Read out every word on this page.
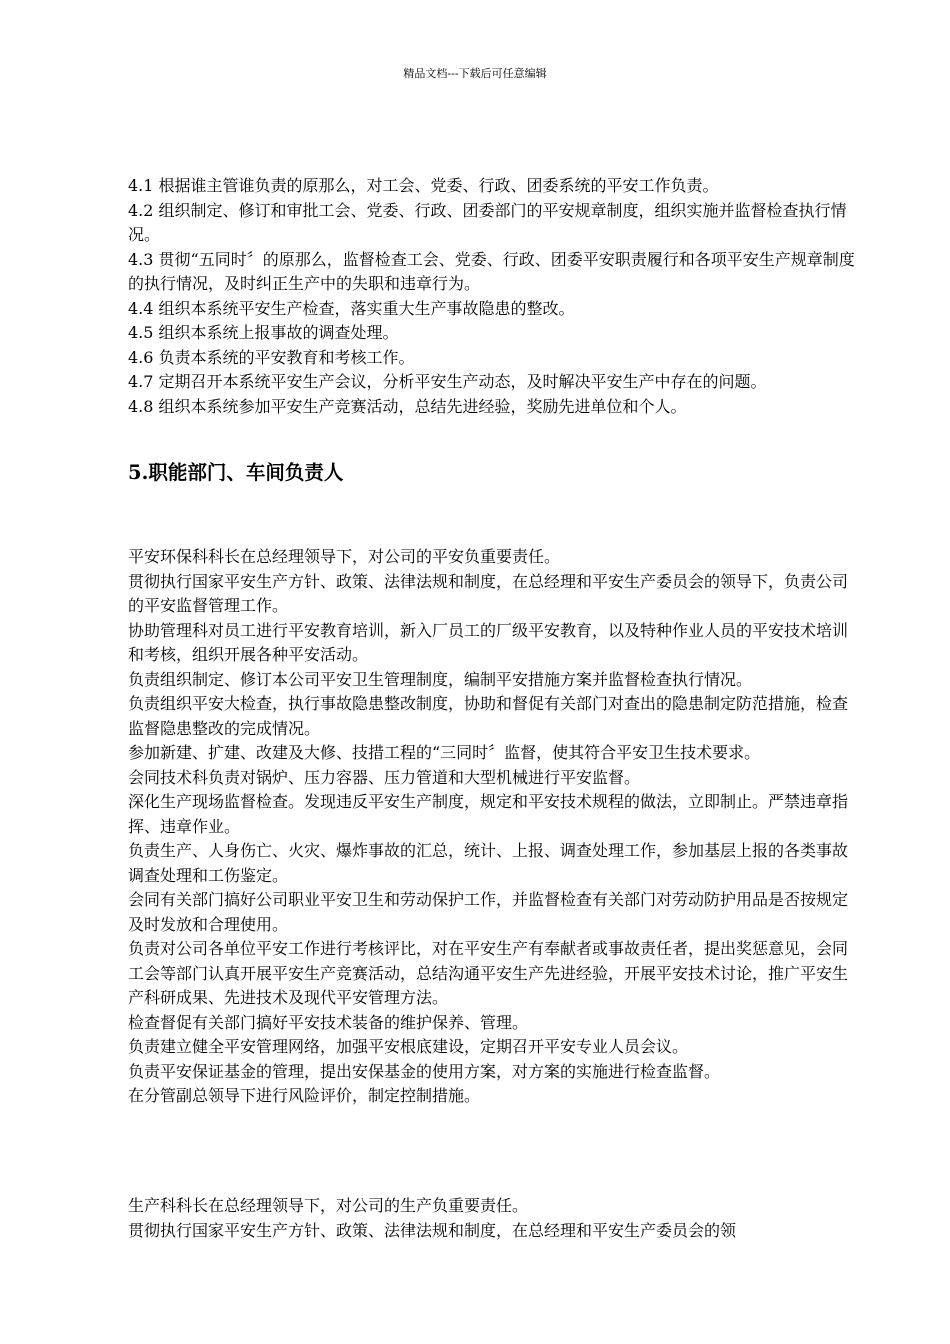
精品文档---下载后可任意编辑

4.1 根据谁主管谁负责的原那么，对工会、党委、行政、团委系统的平安工作负责。

4.2 组织制定、修订和审批工会、党委、行政、团委部门的平安规章制度，组织实施并监督检查执行情况。

4.3 贯彻“五同时〞的原那么，监督检查工会、党委、行政、团委平安职责履行和各项平安生产规章制度的执行情况，及时纠正生产中的失职和违章行为。

4.4 组织本系统平安生产检查，落实重大生产事故隐患的整改。

4.5 组织本系统上报事故的调查处理。

4.6 负责本系统的平安教育和考核工作。

4.7 定期召开本系统平安生产会议，分析平安生产动态，及时解决平安生产中存在的问题。

4.8 组织本系统参加平安生产竞赛活动，总结先进经验，奖励先进单位和个人。

5.职能部门、车间负责人

平安环保科科长在总经理领导下，对公司的平安负重要责任。

贯彻执行国家平安生产方针、政策、法律法规和制度，在总经理和平安生产委员会的领导下，负责公司的平安监督管理工作。

协助管理科对员工进行平安教育培训，新入厂员工的厂级平安教育，以及特种作业人员的平安技术培训和考核，组织开展各种平安活动。

负责组织制定、修订本公司平安卫生管理制度，编制平安措施方案并监督检查执行情况。

负责组织平安大检查，执行事故隐患整改制度，协助和督促有关部门对查出的隐患制定防范措施，检查监督隐患整改的完成情况。

参加新建、扩建、改建及大修、技措工程的“三同时〞监督，使其符合平安卫生技术要求。

会同技术科负责对锅炉、压力容器、压力管道和大型机械进行平安监督。

深化生产现场监督检查。发现违反平安生产制度，规定和平安技术规程的做法，立即制止。严禁违章指挥、违章作业。

负责生产、人身伤亡、火灾、爆炸事故的汇总，统计、上报、调查处理工作，参加基层上报的各类事故调查处理和工伤鉴定。

会同有关部门搞好公司职业平安卫生和劳动保护工作，并监督检查有关部门对劳动防护用品是否按规定及时发放和合理使用。

负责对公司各单位平安工作进行考核评比，对在平安生产有奉献者或事故责任者，提出奖惩意见，会同工会等部门认真开展平安生产竞赛活动，总结沟通平安生产先进经验，开展平安技术讨论，推广平安生产科研成果、先进技术及现代平安管理方法。

检查督促有关部门搞好平安技术装备的维护保养、管理。

负责建立健全平安管理网络，加强平安根底建设，定期召开平安专业人员会议。

负责平安保证基金的管理，提出安保基金的使用方案，对方案的实施进行检查监督。

在分管副总领导下进行风险评价，制定控制措施。

生产科科长在总经理领导下，对公司的生产负重要责任。

贯彻执行国家平安生产方针、政策、法律法规和制度，在总经理和平安生产委员会的领
